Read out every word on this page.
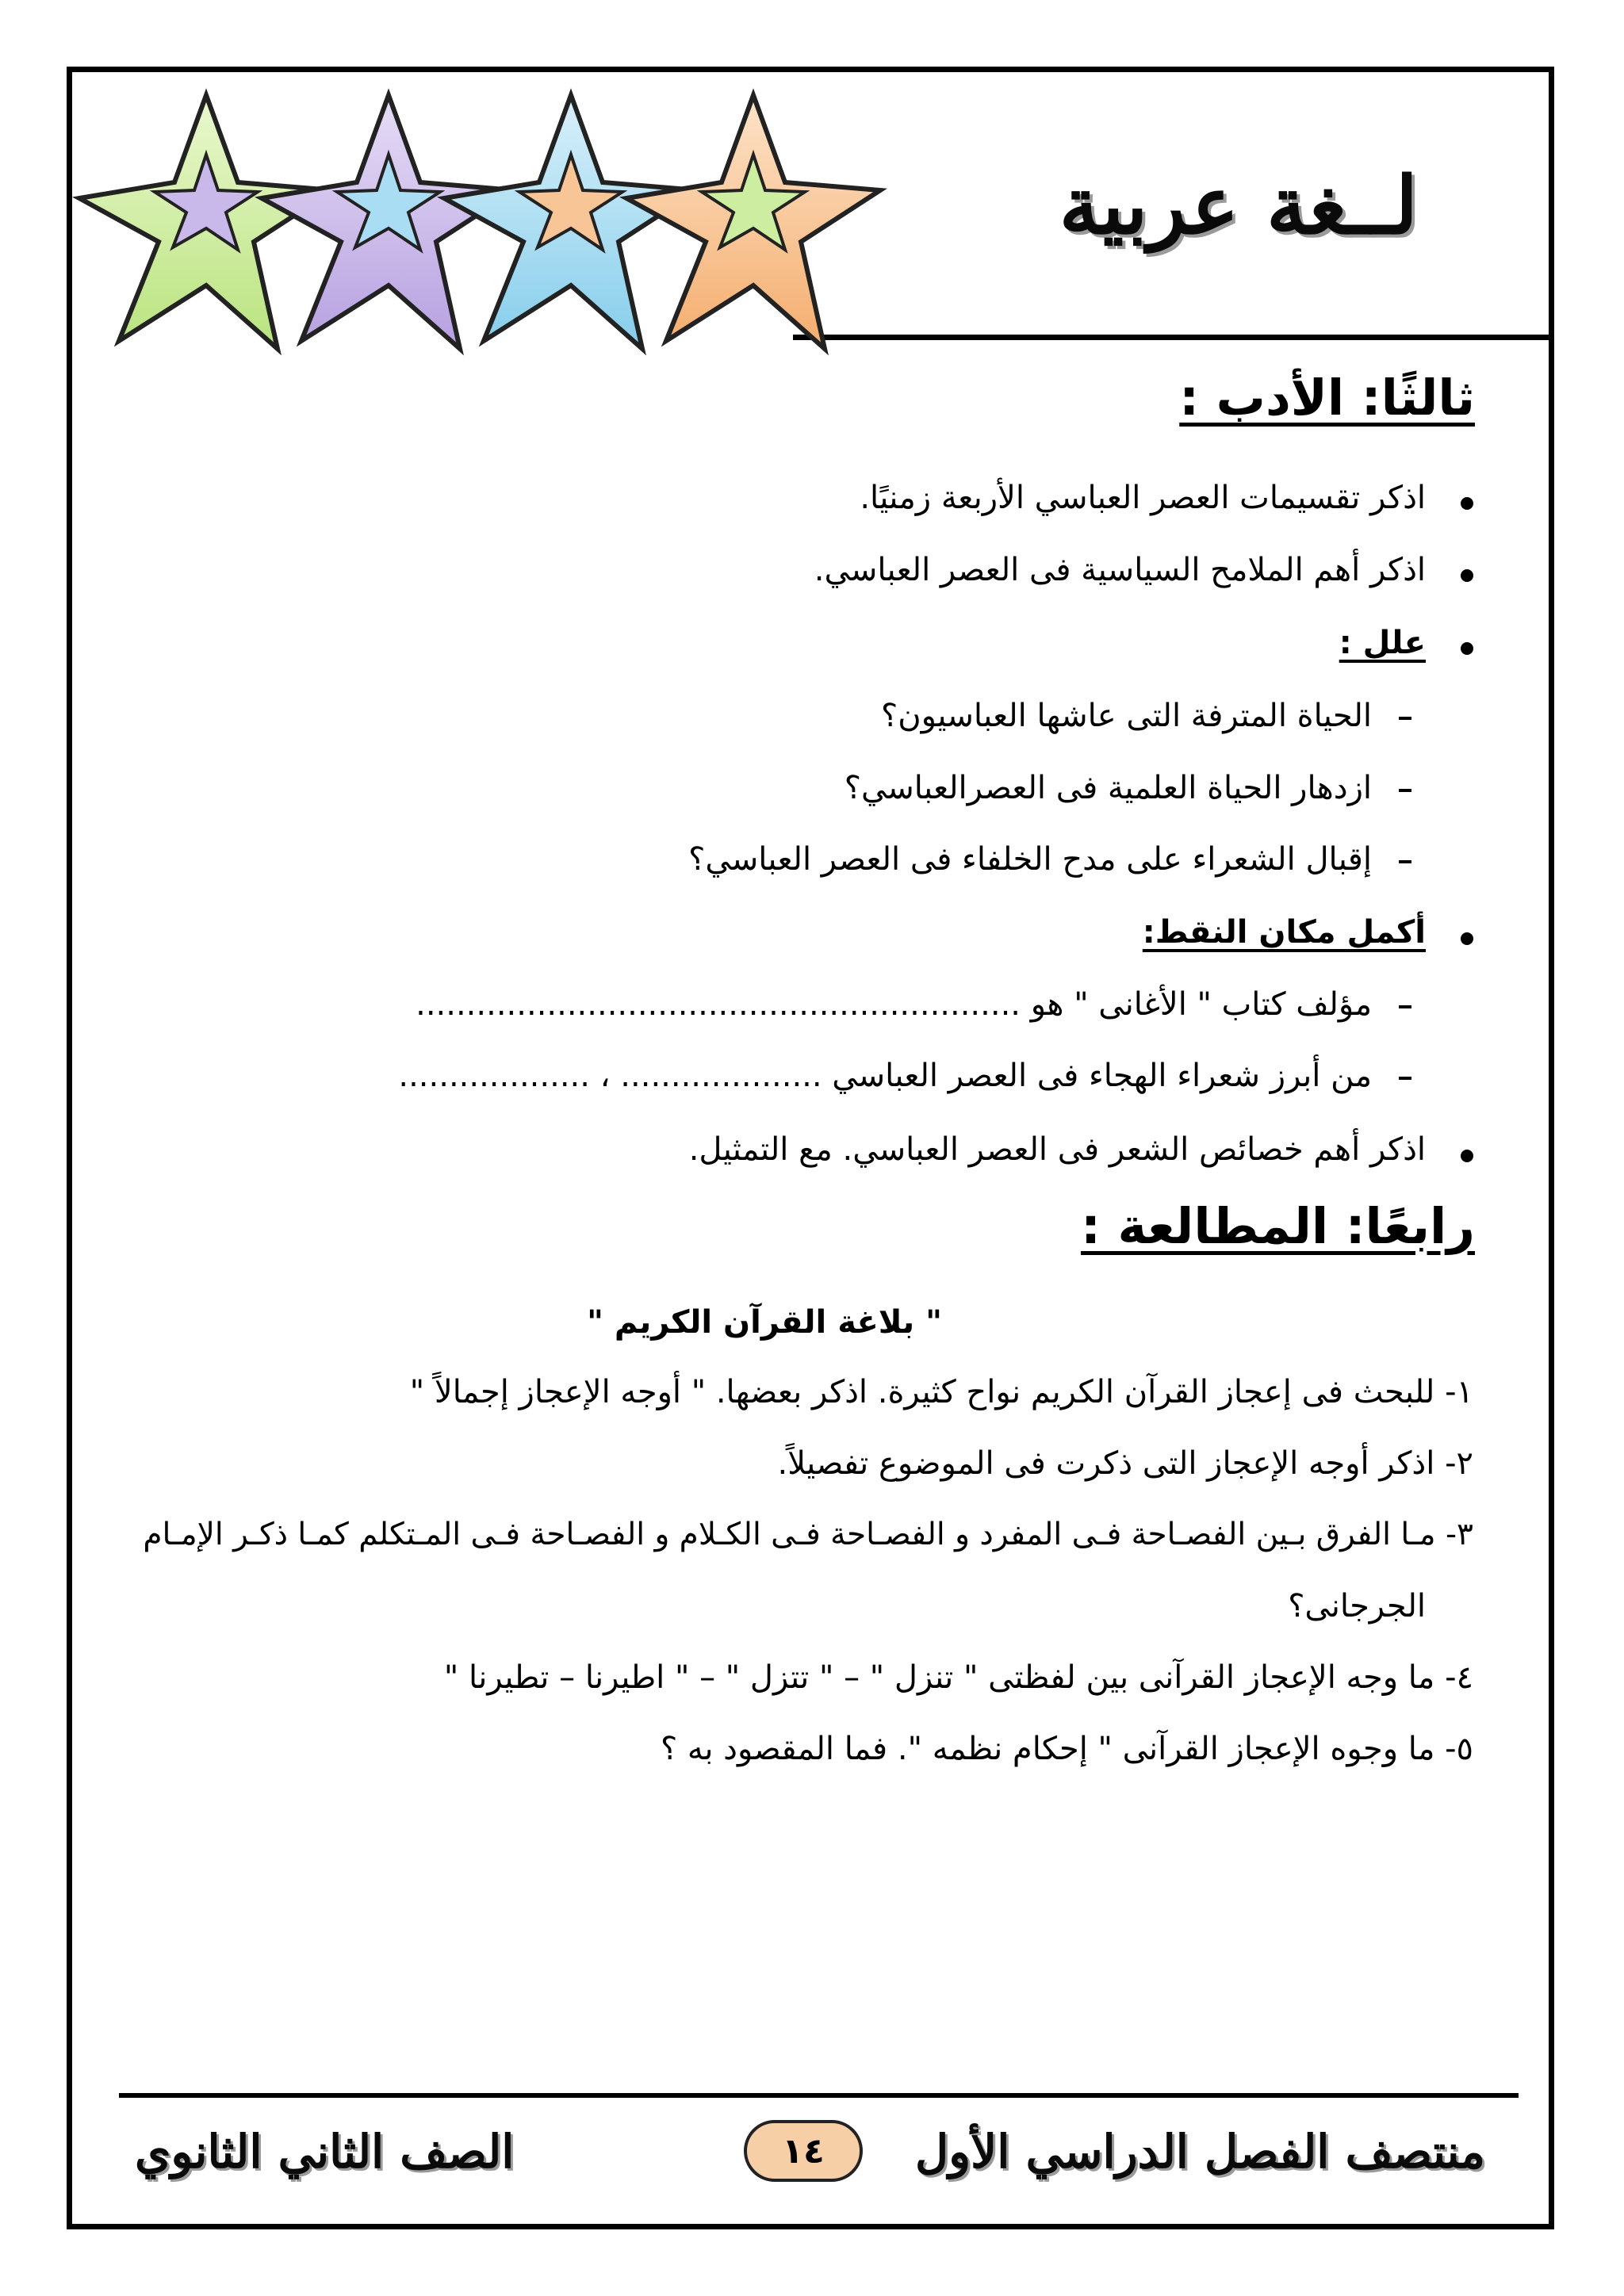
لــغة عربية
ثالثًا: الأدب :
اذكر تقسيمات العصر العباسي الأربعة زمنيًا.
اذكر أهم الملامح السياسية فى العصر العباسي.
علل :
الحياة المترفة التى عاشها العباسيون؟
ازدهار الحياة العلمية فى العصرالعباسي؟
إقبال الشعراء على مدح الخلفاء فى العصر العباسي؟
أكمل مكان النقط:
مؤلف كتاب " الأغانى " هو ............................................................
من أبرز شعراء الهجاء فى العصر العباسي .................... ، ...................
اذكر أهم خصائص الشعر فى العصر العباسي. مع التمثيل.
رابعًا: المطالعة :
" بلاغة القرآن الكريم "
١- للبحث فى إعجاز القرآن الكريم نواح كثيرة. اذكر بعضها. " أوجه الإعجاز إجمالاً "
٢- اذكر أوجه الإعجاز التى ذكرت فى الموضوع تفصيلاً.
٣- مـا الفرق بـين الفصـاحة فـى المفرد و الفصـاحة فـى الكـلام و الفصـاحة فـى المـتكلم كمـا ذكـر الإمـام
الجرجانى؟
٤- ما وجه الإعجاز القرآنى بين لفظتى " تنزل " – " تتزل " – " اطيرنا – تطيرنا "
٥- ما وجوه الإعجاز القرآنى " إحكام نظمه ". فما المقصود به ؟
منتصف الفصل الدراسي الأول
١٤
الصف الثاني الثانوي
